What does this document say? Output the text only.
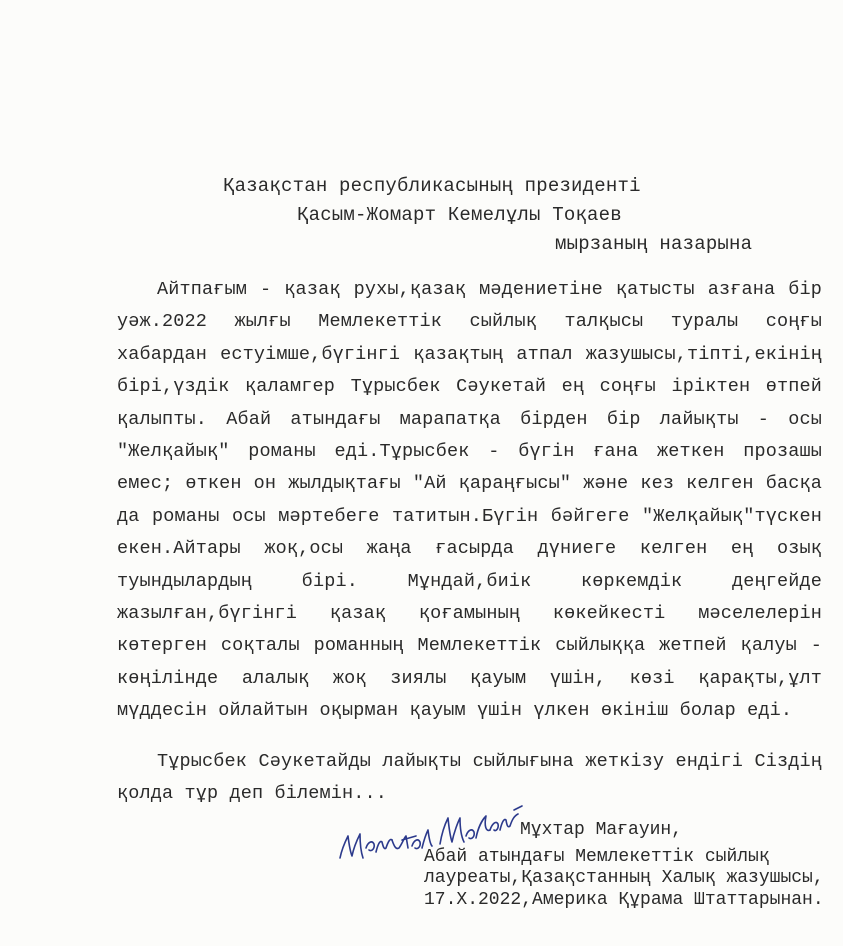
Қазақстан республикасының президенті
Қасым-Жомарт Кемелұлы Тоқаев
мырзаның назарына
Айтпағым - қазақ рухы,қазақ мәдениетіне қатысты азғана бір уәж.2022 жылғы Мемлекеттік сыйлық талқысы туралы соңғы хабардан естуімше,бүгінгі қазақтың атпал жазушысы,тіпті,екінің бірі,үздік қаламгер Тұрысбек Сәукетай ең соңғы іріктен өтпей қалыпты. Абай атындағы марапатқа бірден бір лайықты - осы "Желқайық" романы еді.Тұрысбек - бүгін ғана жеткен прозашы емес; өткен он жылдықтағы "Ай қараңғысы" және кез келген басқа да романы осы мәртебеге татитын.Бүгін бәйгеге "Желқайық"түскен екен.Айтары жоқ,осы жаңа ғасырда дүниеге келген ең озық туындылардың бірі. Мұндай,биік көркемдік деңгейде жазылған,бүгінгі қазақ қоғамының көкейкесті мәселелерін көтерген соқталы романның Мемлекеттік сыйлыққа жетпей қалуы - көңілінде алалық жоқ зиялы қауым үшін, көзі қарақты,ұлт мүддесін ойлайтын оқырман қауым үшін үлкен өкініш болар еді.
Тұрысбек Сәукетайды лайықты сыйлығына жеткізу ендігі Сіздің қолда тұр деп білемін...
Мұхтар Мағауин,
Абай атындағы Мемлекеттік сыйлық
лауреаты,Қазақстанның Халық жазушысы,
17.Х.2022,Америка Құрама Штаттарынан.
